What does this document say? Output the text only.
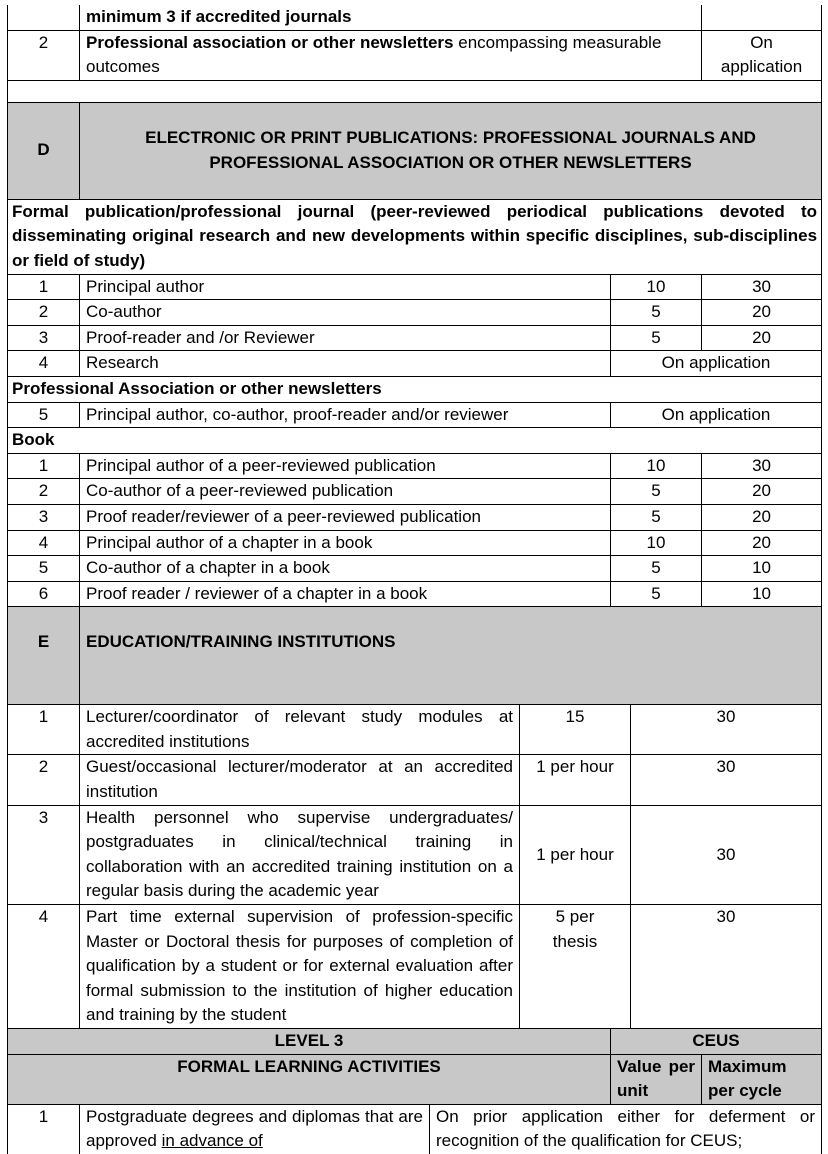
	minimum 3 if accredited journals					
2	Professional association or other newsletters encompassing measurable outcomes					On application

D	ELECTRONIC OR PRINT PUBLICATIONS: PROFESSIONAL JOURNALS AND PROFESSIONAL ASSOCIATION OR OTHER NEWSLETTERS					
Formal publication/professional journal (peer-reviewed periodical publications devoted to disseminating original research and new developments within specific disciplines, sub-disciplines or field of study)						
1	Principal author			10		30
2	Co-author			5		20
3	Proof-reader and /or Reviewer			5		20
4	Research			On application		
Professional Association or other newsletters						
5	Principal author, co-author, proof-reader and/or reviewer			On application		
Book						
1	Principal author of a peer-reviewed publication			10		30
2	Co-author of a peer-reviewed publication			5		20
3	Proof reader/reviewer of a peer-reviewed publication			5		20
4	Principal author of a chapter in a book			10		20
5	Co-author of a chapter in a book			5		10
6	Proof reader / reviewer of a chapter in a book			5		10
E	EDUCATION/TRAINING INSTITUTIONS					
1	Lecturer/coordinator of relevant study modules at accredited institutions		15		30	
2	Guest/occasional lecturer/moderator at an accredited institution		1 per hour		30	
3	Health personnel who supervise undergraduates/ postgraduates in clinical/technical training in collaboration with an accredited training institution on a regular basis during the academic year		1 per hour		30	
4	Part time external supervision of profession-specific Master or Doctoral thesis for purposes of completion of qualification by a student or for external evaluation after formal submission to the institution of higher education and training by the student		5 per thesis		30	
LEVEL 3				CEUS		
FORMAL LEARNING ACTIVITIES				Value per unit		Maximum per cycle
1	Postgraduate degrees and diplomas that are approved in advance of	On prior application either for deferment or recognition of the qualification for CEUS;				
